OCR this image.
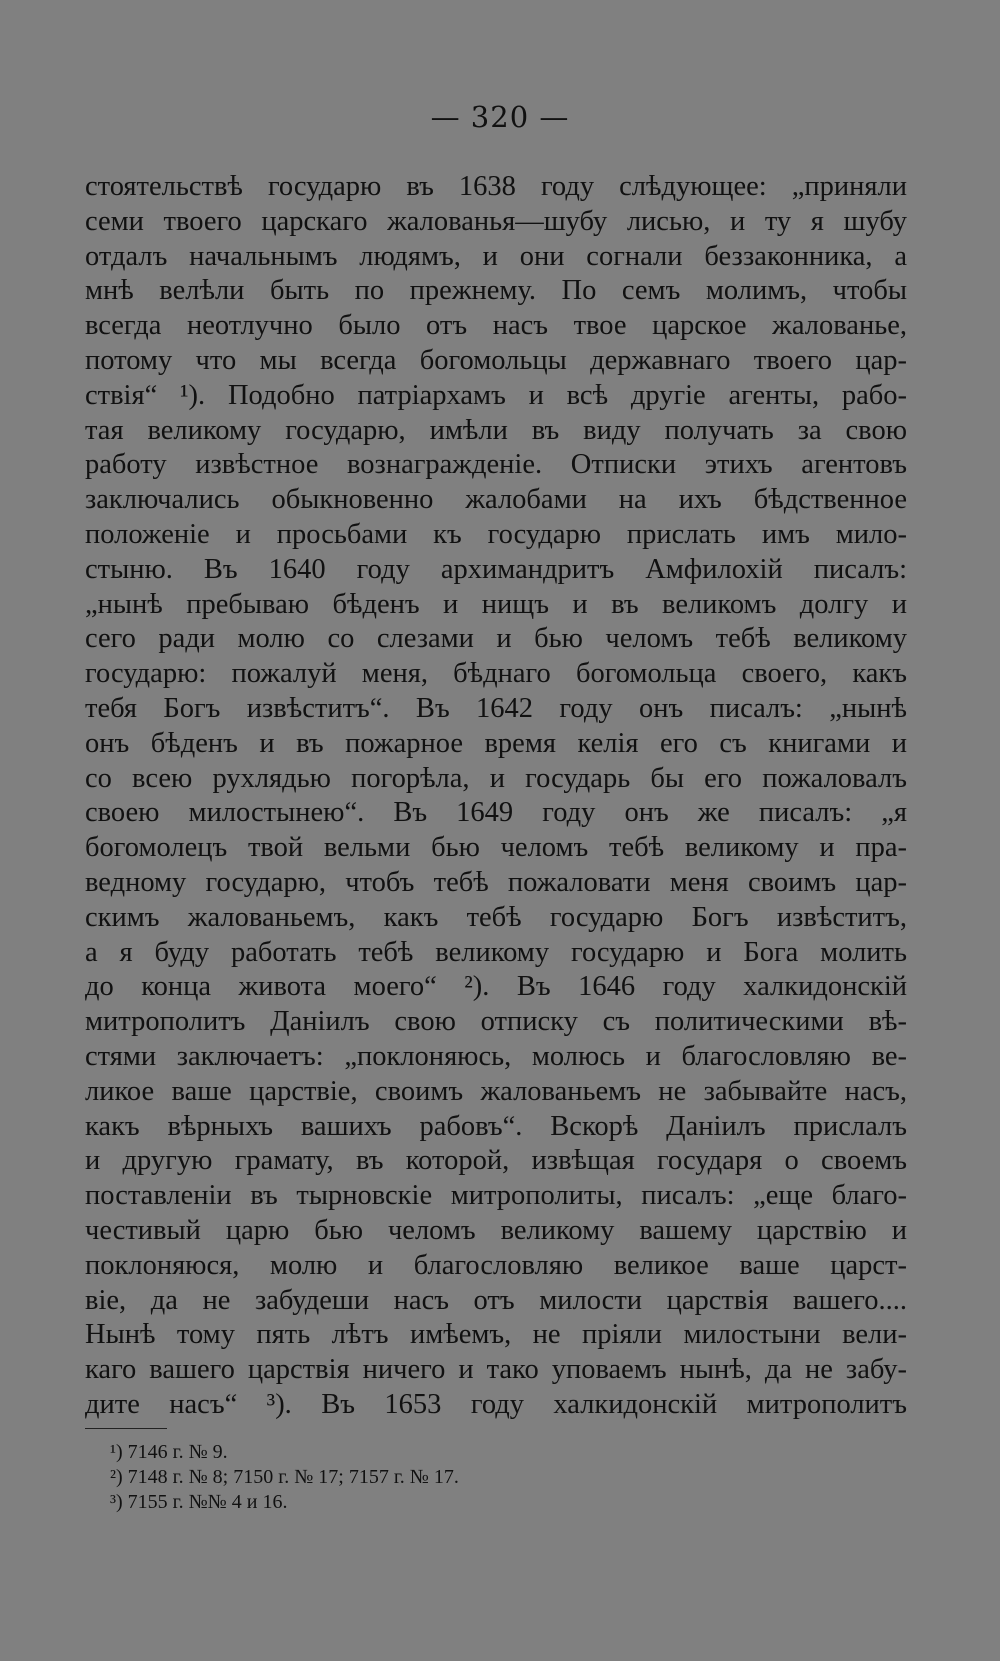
— 320 —
стоятельствѣ государю въ 1638 году слѣдующее: „приняли
семи твоего царскаго жалованья—шубу лисью, и ту я шубу
отдалъ начальнымъ людямъ, и они согнали беззаконника, а
мнѣ велѣли быть по прежнему. По семъ молимъ, чтобы
всегда неотлучно было отъ насъ твое царское жалованье,
потому что мы всегда богомольцы державнаго твоего цар-
ствія“ ¹). Подобно патріархамъ и всѣ другіе агенты, рабо-
тая великому государю, имѣли въ виду получать за свою
работу извѣстное вознагражденіе. Отписки этихъ агентовъ
заключались обыкновенно жалобами на ихъ бѣдственное
положеніе и просьбами къ государю прислать имъ мило-
стыню. Въ 1640 году архимандритъ Амфилохій писалъ:
„нынѣ пребываю бѣденъ и нищъ и въ великомъ долгу и
сего ради молю со слезами и бью челомъ тебѣ великому
государю: пожалуй меня, бѣднаго богомольца своего, какъ
тебя Богъ извѣститъ“. Въ 1642 году онъ писалъ: „нынѣ
онъ бѣденъ и въ пожарное время келія его съ книгами и
со всею рухлядью погорѣла, и государь бы его пожаловалъ
своею милостынею“. Въ 1649 году онъ же писалъ: „я
богомолецъ твой вельми бью челомъ тебѣ великому и пра-
ведному государю, чтобъ тебѣ пожаловати меня своимъ цар-
скимъ жалованьемъ, какъ тебѣ государю Богъ извѣститъ,
а я буду работать тебѣ великому государю и Бога молить
до конца живота моего“ ²). Въ 1646 году халкидонскій
митрополитъ Даніилъ свою отписку съ политическими вѣ-
стями заключаетъ: „поклоняюсь, молюсь и благословляю ве-
ликое ваше царствіе, своимъ жалованьемъ не забывайте насъ,
какъ вѣрныхъ вашихъ рабовъ“. Вскорѣ Даніилъ прислалъ
и другую грамату, въ которой, извѣщая государя о своемъ
поставленіи въ тырновскіе митрополиты, писалъ: „еще благо-
честивый царю бью челомъ великому вашему царствію и
поклоняюся, молю и благословляю великое ваше царст-
віе, да не забудеши насъ отъ милости царствія вашего....
Нынѣ тому пять лѣтъ имѣемъ, не пріяли милостыни вели-
каго вашего царствія ничего и тако уповаемъ нынѣ, да не забу-
дите насъ“ ³). Въ 1653 году халкидонскій митрополитъ
¹) 7146 г. № 9.
²) 7148 г. № 8; 7150 г. № 17; 7157 г. № 17.
³) 7155 г. №№ 4 и 16.
